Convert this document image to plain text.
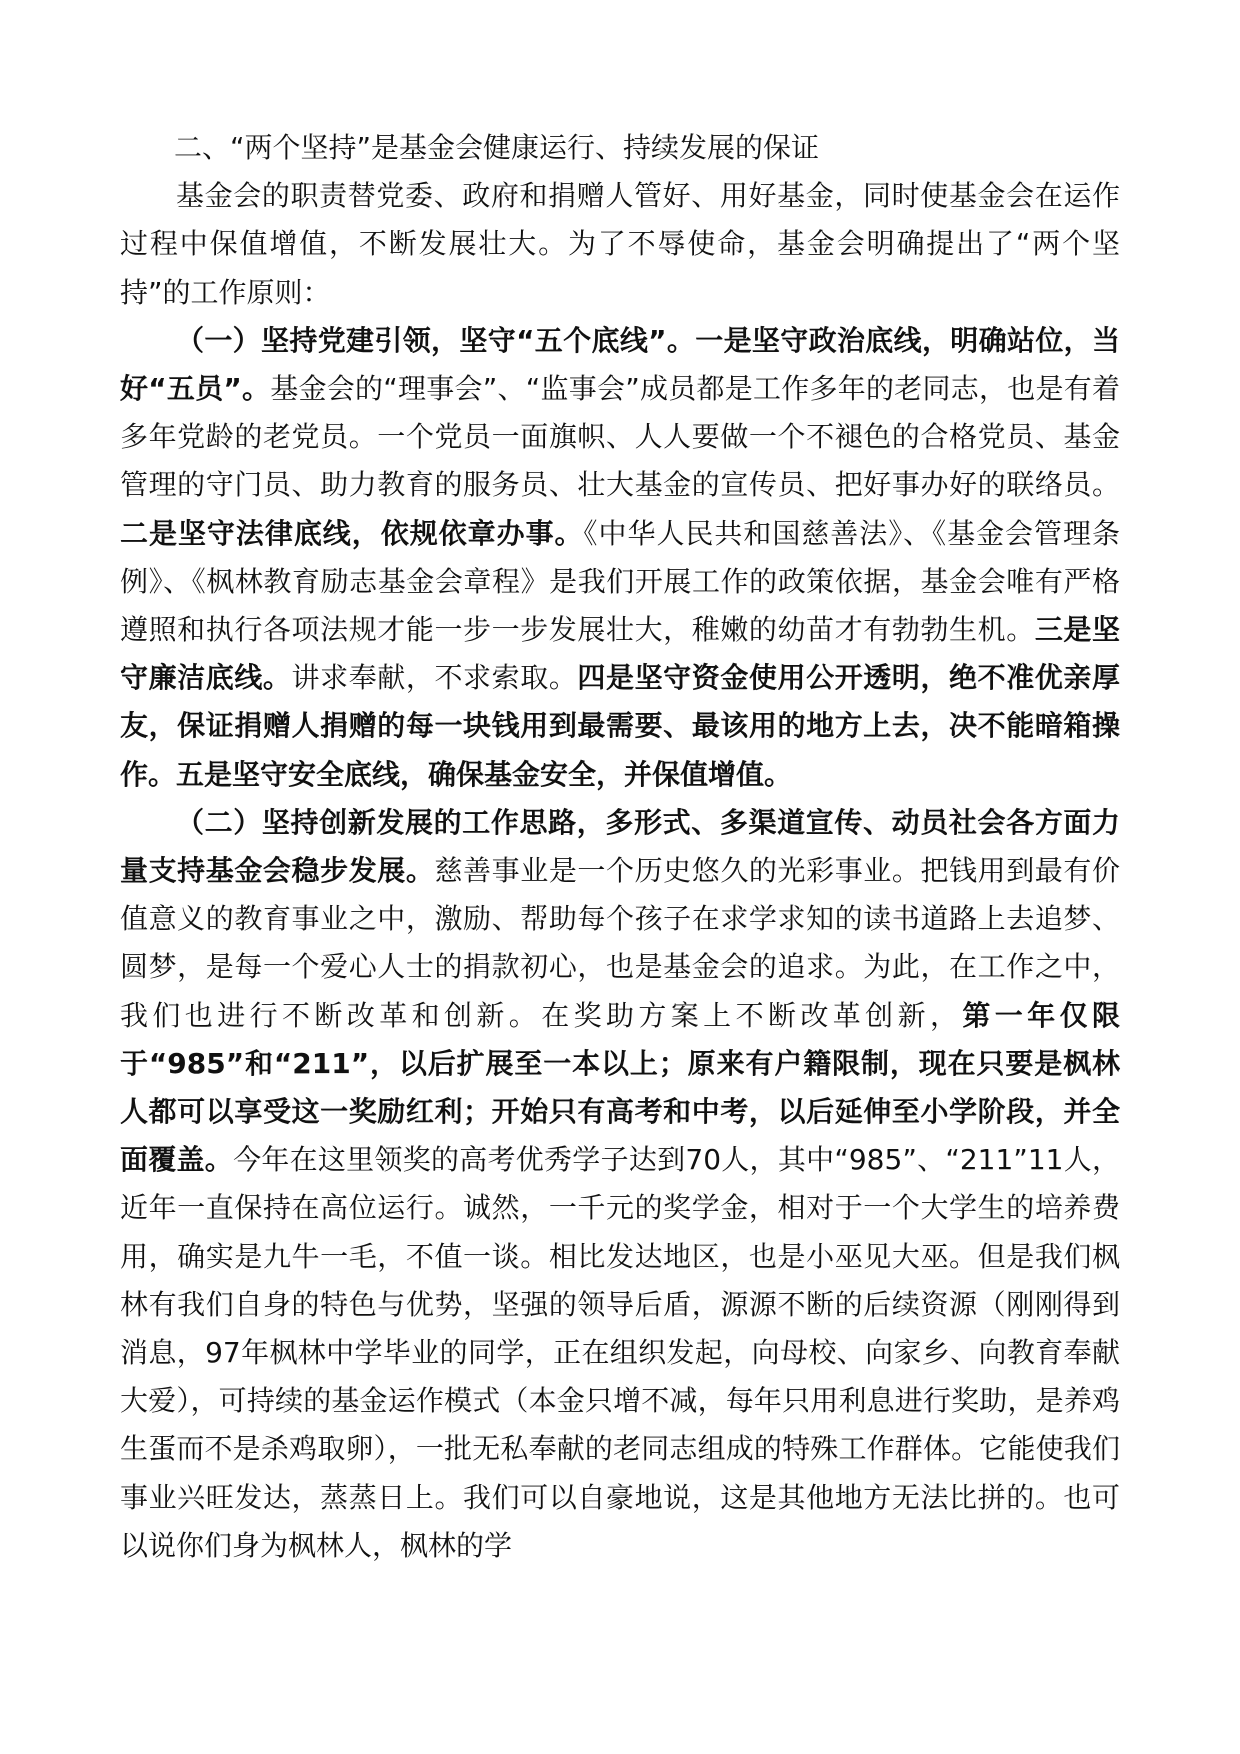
二、“两个坚持”是基金会健康运行、持续发展的保证

基金会的职责替党委、政府和捐赠人管好、用好基金，同时使基金会在运作过程中保值增值，不断发展壮大。为了不辱使命，基金会明确提出了“两个坚持”的工作原则：

（一）坚持党建引领，坚守“五个底线”。一是坚守政治底线，明确站位，当好“五员”。基金会的“理事会”、“监事会”成员都是工作多年的老同志，也是有着多年党龄的老党员。一个党员一面旗帜、人人要做一个不褪色的合格党员、基金管理的守门员、助力教育的服务员、壮大基金的宣传员、把好事办好的联络员。二是坚守法律底线，依规依章办事。《中华人民共和国慈善法》、《基金会管理条例》、《枫林教育励志基金会章程》是我们开展工作的政策依据，基金会唯有严格遵照和执行各项法规才能一步一步发展壮大，稚嫩的幼苗才有勃勃生机。三是坚守廉洁底线。讲求奉献，不求索取。四是坚守资金使用公开透明，绝不准优亲厚友，保证捐赠人捐赠的每一块钱用到最需要、最该用的地方上去，决不能暗箱操作。五是坚守安全底线，确保基金安全，并保值增值。

（二）坚持创新发展的工作思路，多形式、多渠道宣传、动员社会各方面力量支持基金会稳步发展。慈善事业是一个历史悠久的光彩事业。把钱用到最有价值意义的教育事业之中，激励、帮助每个孩子在求学求知的读书道路上去追梦、圆梦，是每一个爱心人士的捐款初心，也是基金会的追求。为此，在工作之中，我们也进行不断改革和创新。在奖助方案上不断改革创新，第一年仅限于“985”和“211”，以后扩展至一本以上；原来有户籍限制，现在只要是枫林人都可以享受这一奖励红利；开始只有高考和中考，以后延伸至小学阶段，并全面覆盖。今年在这里领奖的高考优秀学子达到70人，其中“985”、“211”11人，近年一直保持在高位运行。诚然，一千元的奖学金，相对于一个大学生的培养费用，确实是九牛一毛，不值一谈。相比发达地区，也是小巫见大巫。但是我们枫林有我们自身的特色与优势，坚强的领导后盾，源源不断的后续资源（刚刚得到消息，97年枫林中学毕业的同学，正在组织发起，向母校、向家乡、向教育奉献大爱），可持续的基金运作模式（本金只增不减，每年只用利息进行奖助，是养鸡生蛋而不是杀鸡取卵），一批无私奉献的老同志组成的特殊工作群体。它能使我们事业兴旺发达，蒸蒸日上。我们可以自豪地说，这是其他地方无法比拼的。也可以说你们身为枫林人，枫林的学
